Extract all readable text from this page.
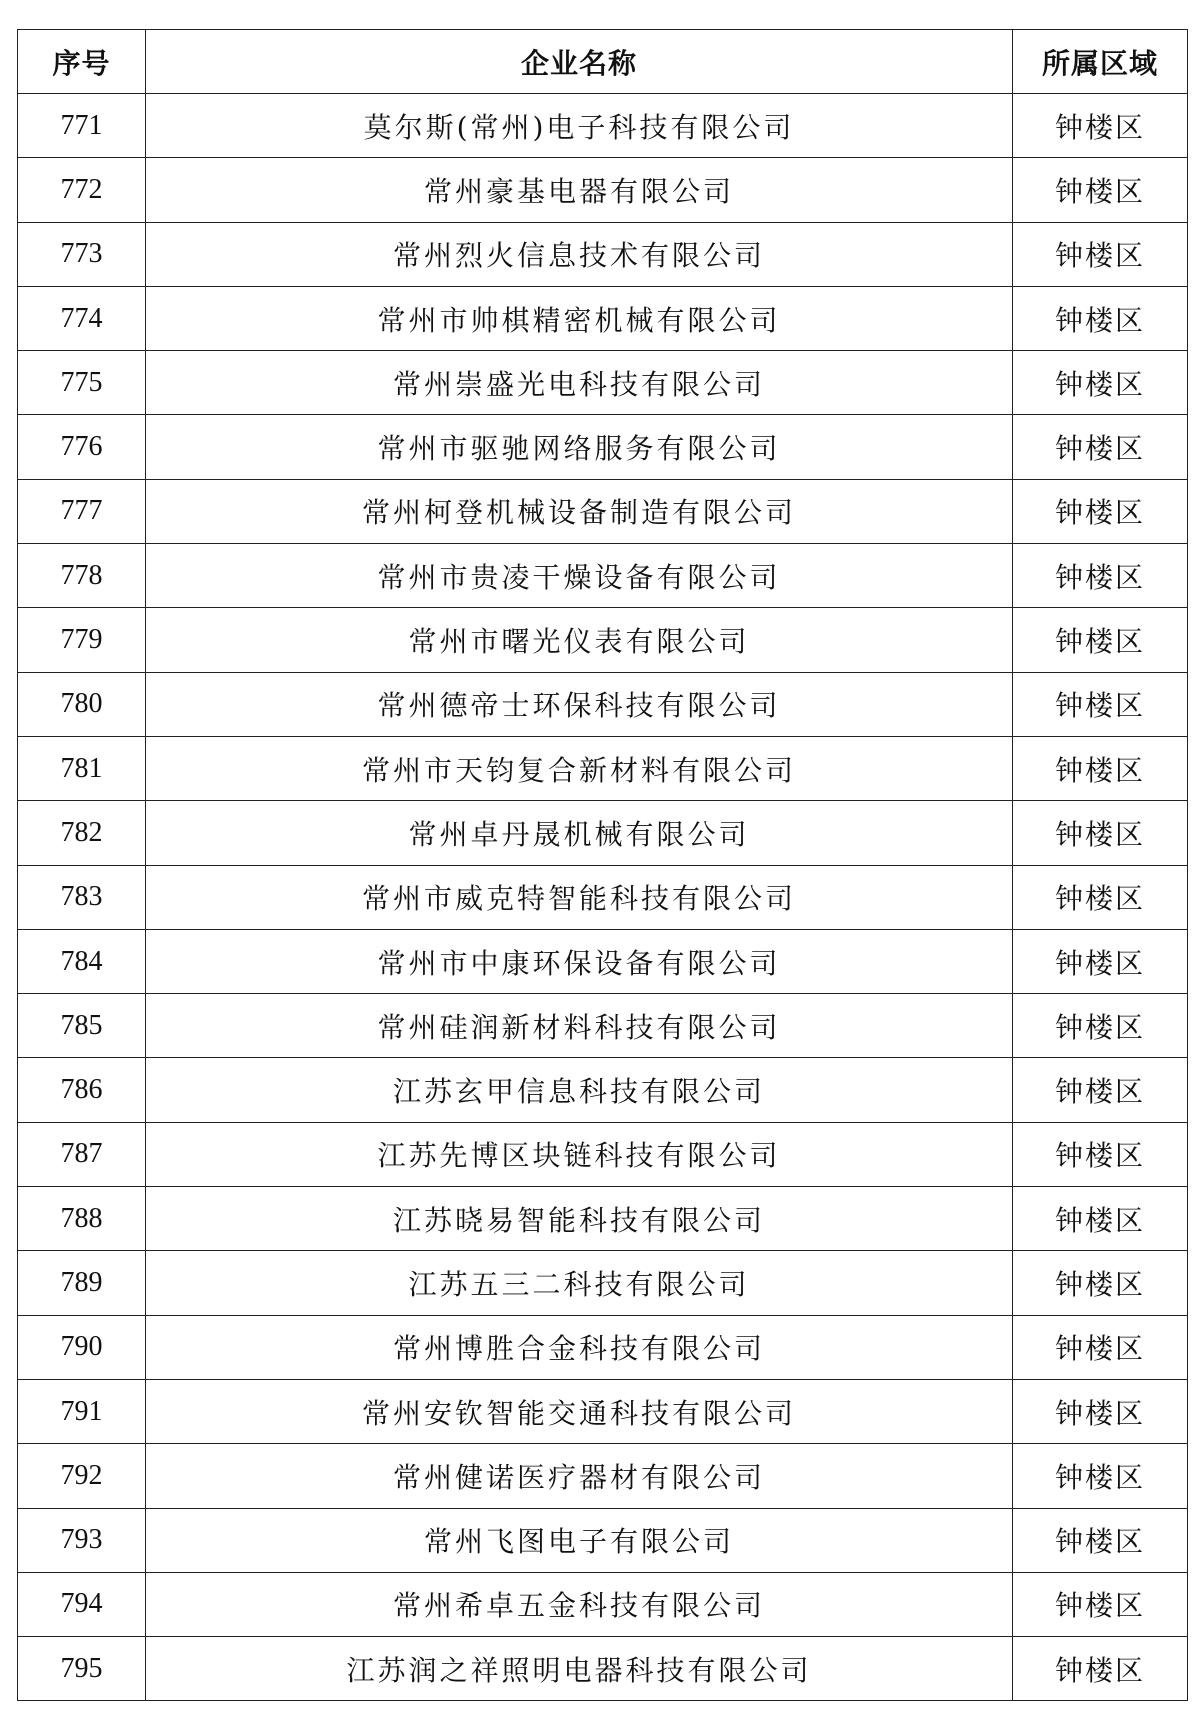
序号	企业名称	所属区域
771	莫尔斯(常州)电子科技有限公司	钟楼区
772	常州豪基电器有限公司	钟楼区
773	常州烈火信息技术有限公司	钟楼区
774	常州市帅棋精密机械有限公司	钟楼区
775	常州崇盛光电科技有限公司	钟楼区
776	常州市驱驰网络服务有限公司	钟楼区
777	常州柯登机械设备制造有限公司	钟楼区
778	常州市贵凌干燥设备有限公司	钟楼区
779	常州市曙光仪表有限公司	钟楼区
780	常州德帝士环保科技有限公司	钟楼区
781	常州市天钧复合新材料有限公司	钟楼区
782	常州卓丹晟机械有限公司	钟楼区
783	常州市威克特智能科技有限公司	钟楼区
784	常州市中康环保设备有限公司	钟楼区
785	常州硅润新材料科技有限公司	钟楼区
786	江苏玄甲信息科技有限公司	钟楼区
787	江苏先博区块链科技有限公司	钟楼区
788	江苏晓易智能科技有限公司	钟楼区
789	江苏五三二科技有限公司	钟楼区
790	常州博胜合金科技有限公司	钟楼区
791	常州安钦智能交通科技有限公司	钟楼区
792	常州健诺医疗器材有限公司	钟楼区
793	常州飞图电子有限公司	钟楼区
794	常州希卓五金科技有限公司	钟楼区
795	江苏润之祥照明电器科技有限公司	钟楼区
